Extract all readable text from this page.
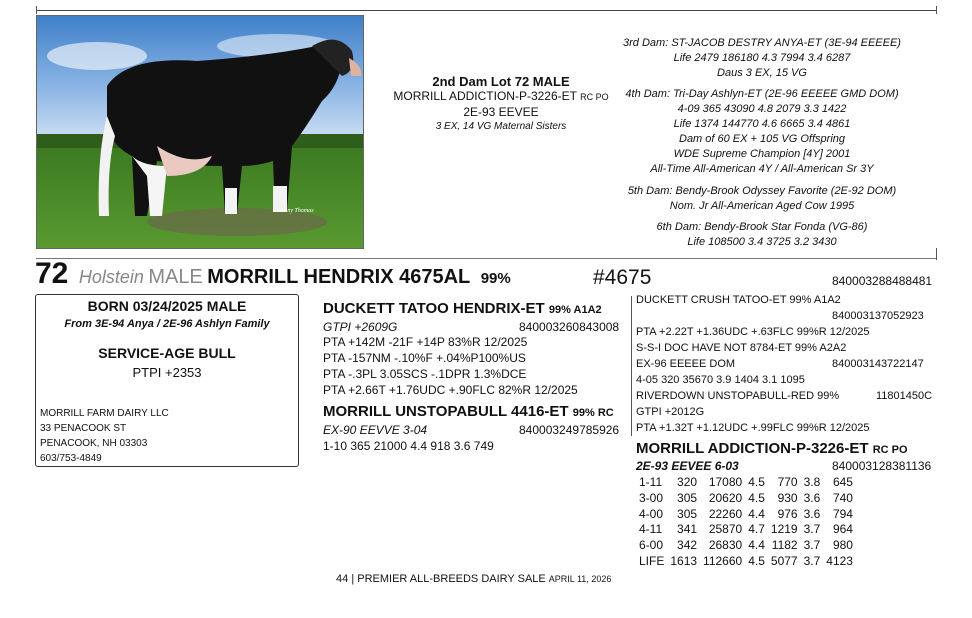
© Jenny Thomas
2nd Dam Lot 72 MALE
MORRILL ADDICTION-P-3226-ET RC PO
2E-93 EEVEE
3 EX, 14 VG Maternal Sisters
3rd Dam: ST-JACOB DESTRY ANYA-ET (3E-94 EEEEE)
Life 2479 186180 4.3 7994 3.4 6287
Daus 3 EX, 15 VG
4th Dam: Tri-Day Ashlyn-ET (2E-96 EEEEE GMD DOM)
4-09 365 43090 4.8 2079 3.3 1422
Life 1374 144770 4.6 6665 3.4 4861
Dam of 60 EX + 105 VG Offspring
WDE Supreme Champion [4Y] 2001
All-Time All-American 4Y / All-American Sr 3Y
5th Dam: Bendy-Brook Odyssey Favorite (2E-92 DOM)
Nom. Jr All-American Aged Cow 1995
6th Dam: Bendy-Brook Star Fonda (VG-86)
Life 108500 3.4 3725 3.2 3430
72 Holstein MALE MORRILL HENDRIX 4675AL 99%	#4675	840003288488481
BORN 03/24/2025 MALE
From 3E-94 Anya / 2E-96 Ashlyn Family
SERVICE-AGE BULL
PTPI +2353
MORRILL FARM DAIRY LLC
33 PENACOOK ST
PENACOOK, NH 03303
603/753-4849
DUCKETT TATOO HENDRIX-ET 99% A1A2
GTPI +2609G	840003260843008
PTA +142M -21F +14P 83%R 12/2025
PTA -157NM -.10%F +.04%P100%US
PTA -.3PL 3.05SCS -.1DPR 1.3%DCE
PTA +2.66T +1.76UDC +.90FLC 82%R 12/2025
MORRILL UNSTOPABULL 4416-ET 99% RC
EX-90 EEVVE 3-04	840003249785926
1-10 365 21000 4.4 918 3.6 749
DUCKETT CRUSH TATOO-ET 99% A1A2
840003137052923
PTA +2.22T +1.36UDC +.63FLC 99%R 12/2025
S-S-I DOC HAVE NOT 8784-ET 99% A2A2
EX-96 EEEEE DOM	840003143722147
4-05 320 35670 3.9 1404 3.1 1095
RIVERDOWN UNSTOPABULL-RED 99%	11801450C
GTPI +2012G
PTA +1.32T +1.12UDC +.99FLC 99%R 12/2025
MORRILL ADDICTION-P-3226-ET RC PO
2E-93 EEVEE 6-03	840003128381136
1-11	320	17080	4.5	770	3.8	645
3-00	305	20620	4.5	930	3.6	740
4-00	305	22260	4.4	976	3.6	794
4-11	341	25870	4.7	1219	3.7	964
6-00	342	26830	4.4	1182	3.7	980
LIFE	1613	112660	4.5	5077	3.7	4123
44 | PREMIER ALL-BREEDS DAIRY SALE APRIL 11, 2026
